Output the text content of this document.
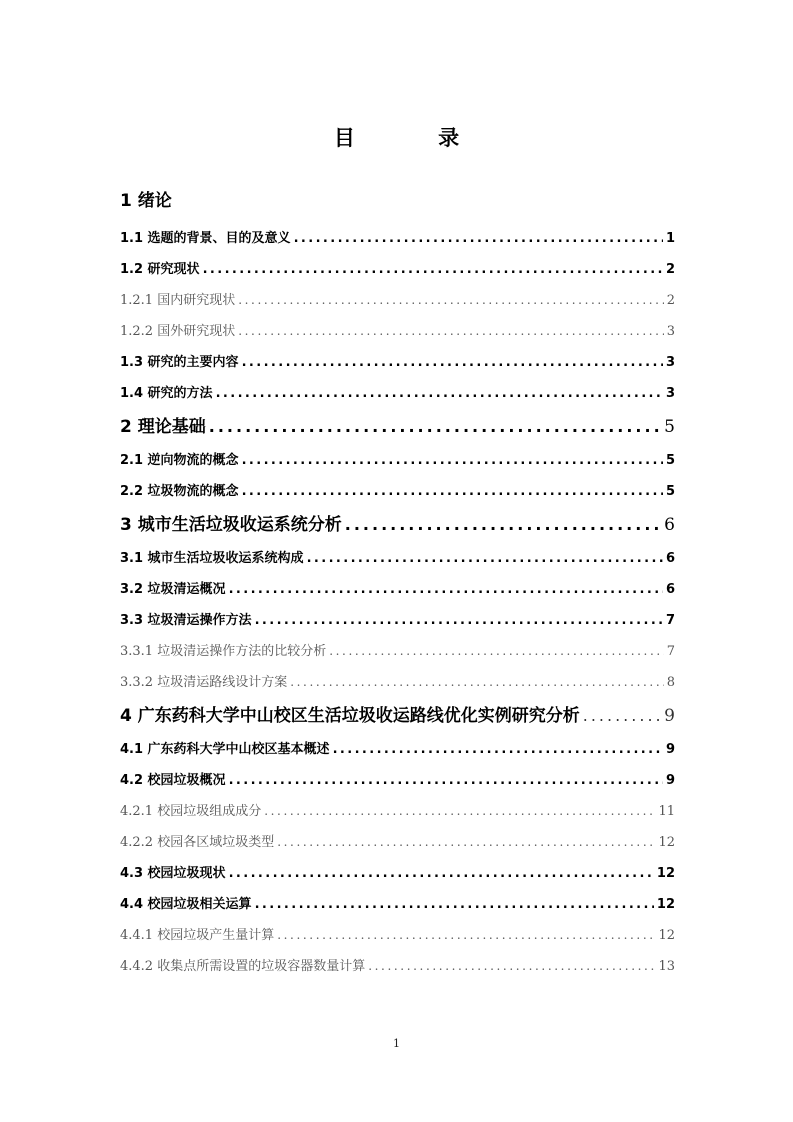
目 录
1 绪论
1.1 选题的背景、目的及意义 .....	1
1.2 研究现状 .....	2
1.2.1 国内研究现状 .....	2
1.2.2 国外研究现状 .....	3
1.3 研究的主要内容 .....	3
1.4 研究的方法 .....	3
2 理论基础 .....	5
2.1 逆向物流的概念 .....	5
2.2 垃圾物流的概念 .....	5
3 城市生活垃圾收运系统分析 .....	6
3.1 城市生活垃圾收运系统构成 .....	6
3.2 垃圾清运概况 .....	6
3.3 垃圾清运操作方法 .....	7
3.3.1 垃圾清运操作方法的比较分析 .....	7
3.3.2 垃圾清运路线设计方案 .....	8
4 广东药科大学中山校区生活垃圾收运路线优化实例研究分析 .....	9
4.1 广东药科大学中山校区基本概述 .....	9
4.2 校园垃圾概况 .....	9
4.2.1 校园垃圾组成成分 .....	11
4.2.2 校园各区域垃圾类型 .....	12
4.3 校园垃圾现状 .....	12
4.4 校园垃圾相关运算 .....	12
4.4.1 校园垃圾产生量计算 .....	12
4.4.2 收集点所需设置的垃圾容器数量计算 .....	13
1
